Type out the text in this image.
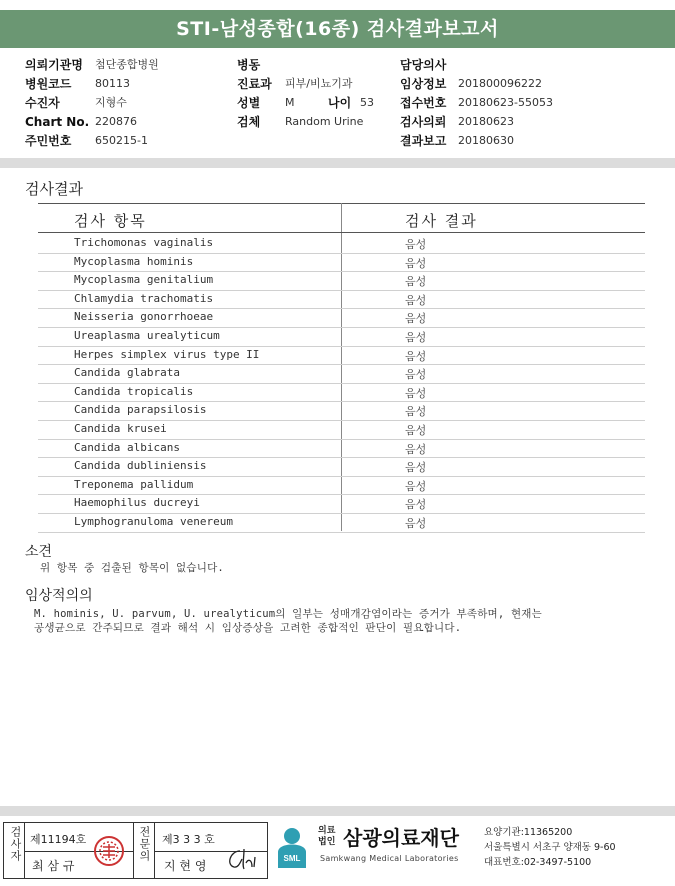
STI-남성종합(16종) 검사결과보고서
의뢰기관명 첨단종합병원
병원코드 80113
수진자	지형수
Chart No. 220876
주민번호 650215-1
병동
진료과 피부/비뇨기과
성별 M	나이 53
검체 Random Urine
담당의사
임상정보 201800096222
접수번호 20180623-55053
검사의뢰 20180623
결과보고 20180630
검사결과
검사 항목	검사 결과
Trichomonas vaginalis	음성
Mycoplasma hominis	음성
Mycoplasma genitalium	음성
Chlamydia trachomatis	음성
Neisseria gonorrhoeae	음성
Ureaplasma urealyticum	음성
Herpes simplex virus type II	음성
Candida glabrata	음성
Candida tropicalis	음성
Candida parapsilosis	음성
Candida krusei	음성
Candida albicans	음성
Candida dubliniensis	음성
Treponema pallidum	음성
Haemophilus ducreyi	음성
Lymphogranuloma venereum	음성
소견
위 항목 중 검출된 항목이 없습니다.
임상적의의
M. hominis, U. parvum, U. urealyticum의 일부는 성매개감염이라는 증거가 부족하며, 현재는
공생균으로 간주되므로 결과 해석 시 임상증상을 고려한 종합적인 판단이 필요합니다.
검사자 제11194호
최 삼 규
전문의 제3 3 3 호
지 현 영
SML
의료법인 삼광의료재단
Samkwang Medical Laboratories
요양기관:11365200
서울특별시 서초구 양재동 9-60
대표번호:02-3497-5100
